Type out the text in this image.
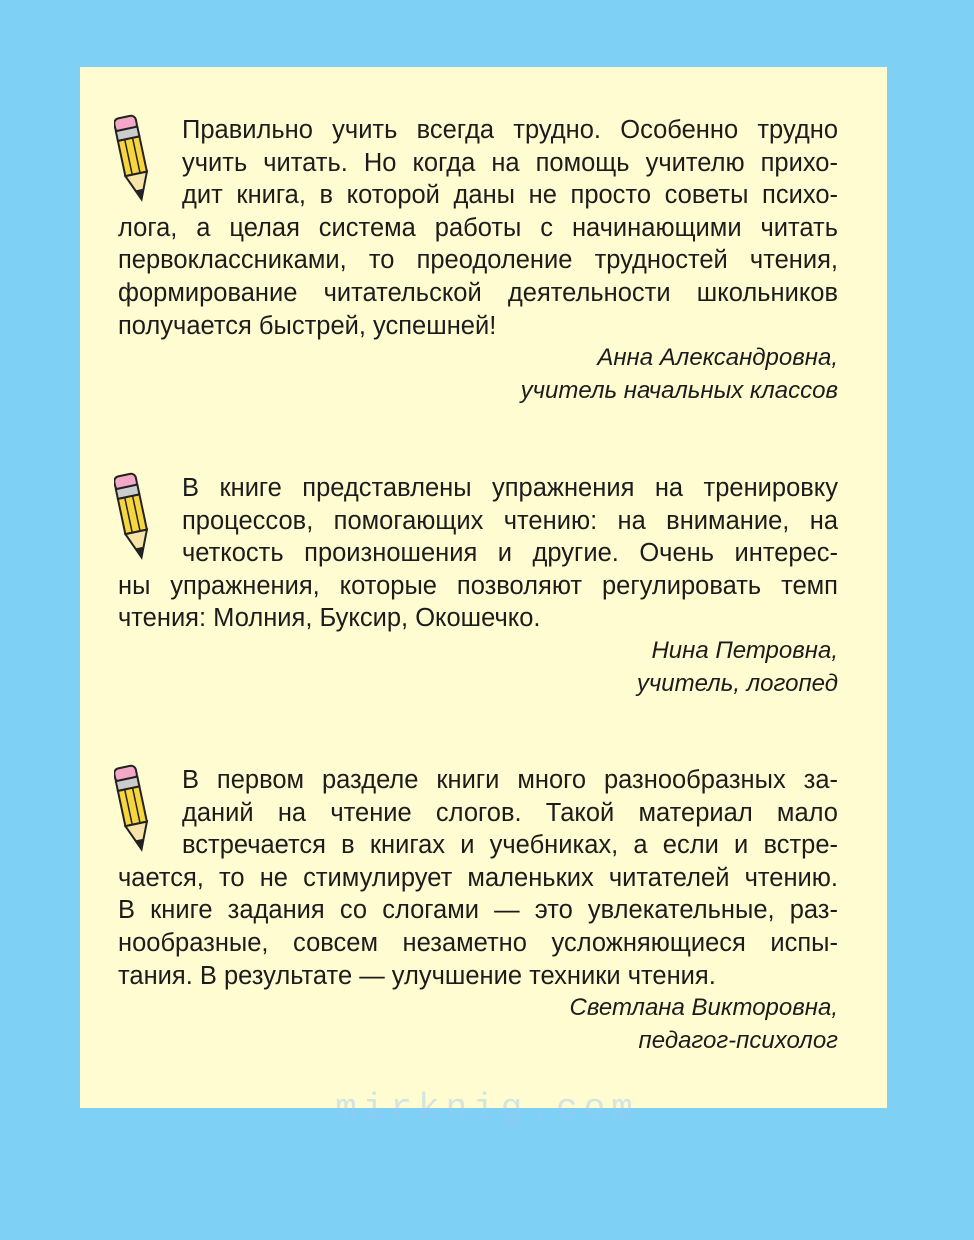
Правильно учить всегда трудно. Особенно трудно
учить читать. Но когда на помощь учителю прихо-
дит книга, в которой даны не просто советы психо-
лога, а целая система работы с начинающими читать
первоклассниками, то преодоление трудностей чтения,
формирование читательской деятельности школьников
получается быстрей, успешней!
Анна Александровна,
учитель начальных классов
В книге представлены упражнения на тренировку
процессов, помогающих чтению: на внимание, на
четкость произношения и другие. Очень интерес-
ны упражнения, которые позволяют регулировать темп
чтения: Молния, Буксир, Окошечко.
Нина Петровна,
учитель, логопед
В первом разделе книги много разнообразных за-
даний на чтение слогов. Такой материал мало
встречается в книгах и учебниках, а если и встре-
чается, то не стимулирует маленьких читателей чтению.
В книге задания со слогами — это увлекательные, раз-
нообразные, совсем незаметно усложняющиеся испы-
тания. В результате — улучшение техники чтения.
Светлана Викторовна,
педагог-психолог
mirknig.com
